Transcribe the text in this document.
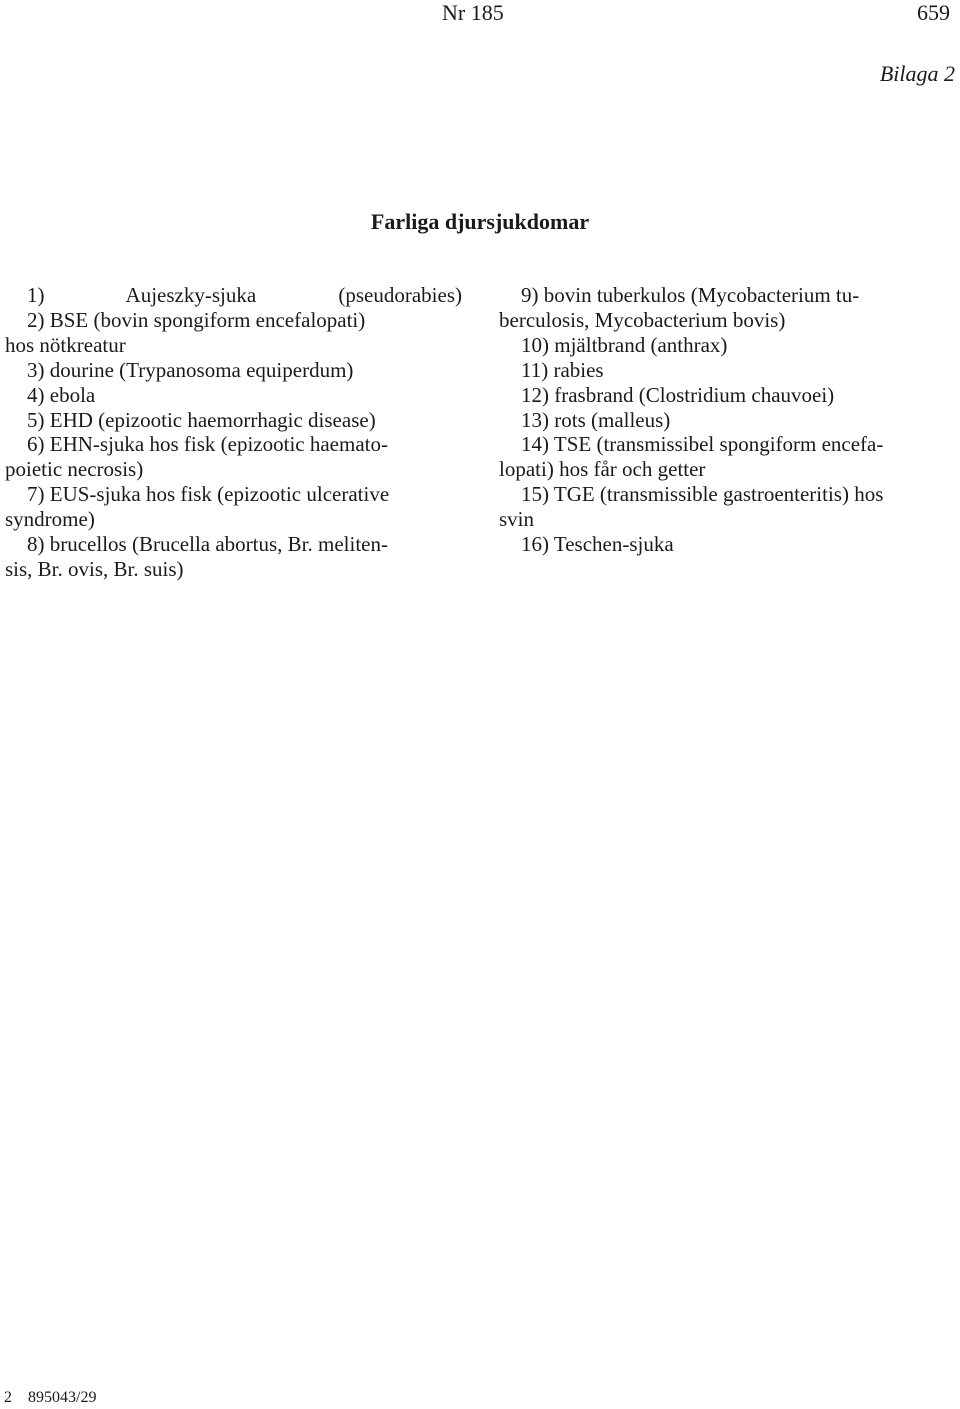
Nr 185	659
Bilaga 2
Farliga djursjukdomar

1) Aujeszky-sjuka (pseudorabies)

2) BSE (bovin spongiform encefalopati)
hos nötkreatur

3) dourine (Trypanosoma equiperdum)

4) ebola

5) EHD (epizootic haemorrhagic disease)

6) EHN-sjuka hos fisk (epizootic haemato-
poietic necrosis)

7) EUS-sjuka hos fisk (epizootic ulcerative
syndrome)

8) brucellos (Brucella abortus, Br. meliten-
sis, Br. ovis, Br. suis)

9) bovin tuberkulos (Mycobacterium tu-
berculosis, Mycobacterium bovis)

10) mjältbrand (anthrax)

11) rabies

12) frasbrand (Clostridium chauvoei)

13) rots (malleus)

14) TSE (transmissibel spongiform encefa-
lopati) hos får och getter

15) TGE (transmissible gastroenteritis) hos
svin

16) Teschen-sjuka

2 895043/29
